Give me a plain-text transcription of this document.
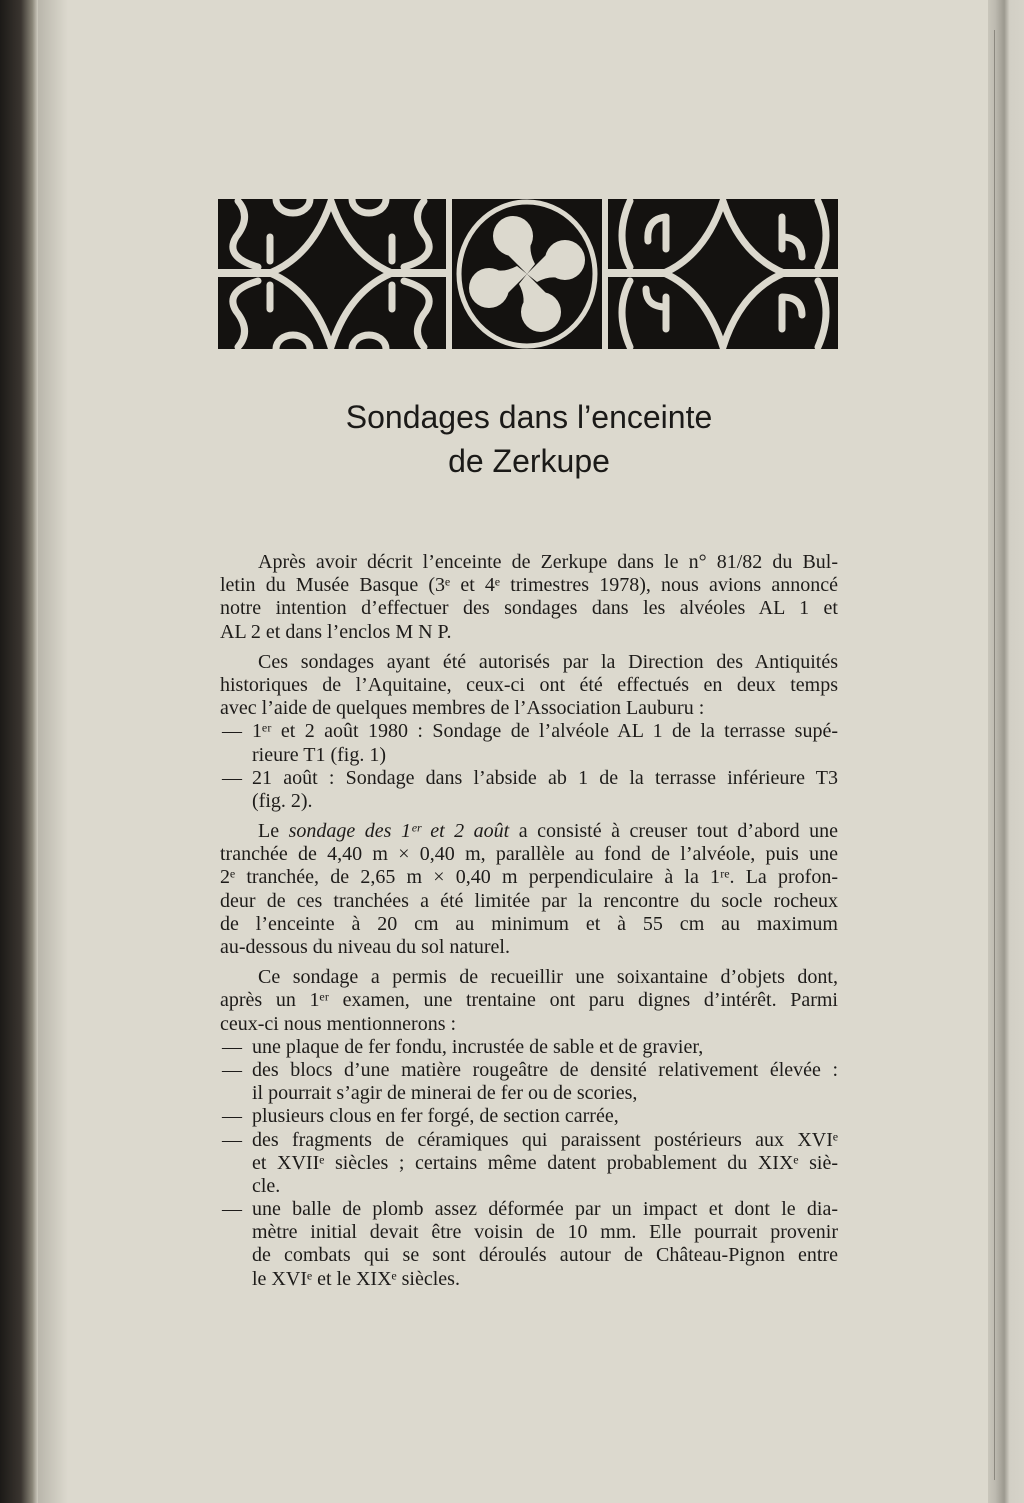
Sondages dans l’enceinte
de Zerkupe
Après avoir décrit l’enceinte de Zerkupe dans le n° 81/82 du Bul-
letin du Musée Basque (3ᵉ et 4ᵉ trimestres 1978), nous avions annoncé
notre intention d’effectuer des sondages dans les alvéoles AL 1 et
AL 2 et dans l’enclos M N P.
Ces sondages ayant été autorisés par la Direction des Antiquités
historiques de l’Aquitaine, ceux-ci ont été effectués en deux temps
avec l’aide de quelques membres de l’Association Lauburu :
— 1ᵉʳ et 2 août 1980 : Sondage de l’alvéole AL 1 de la terrasse supé-
rieure T1 (fig. 1)
— 21 août : Sondage dans l’abside ab 1 de la terrasse inférieure T3
(fig. 2).
Le sondage des 1ᵉʳ et 2 août a consisté à creuser tout d’abord une
tranchée de 4,40 m × 0,40 m, parallèle au fond de l’alvéole, puis une
2ᵉ tranchée, de 2,65 m × 0,40 m perpendiculaire à la 1ʳᵉ. La profon-
deur de ces tranchées a été limitée par la rencontre du socle rocheux
de l’enceinte à 20 cm au minimum et à 55 cm au maximum
au-dessous du niveau du sol naturel.
Ce sondage a permis de recueillir une soixantaine d’objets dont,
après un 1ᵉʳ examen, une trentaine ont paru dignes d’intérêt. Parmi
ceux-ci nous mentionnerons :
— une plaque de fer fondu, incrustée de sable et de gravier,
— des blocs d’une matière rougeâtre de densité relativement élevée :
il pourrait s’agir de minerai de fer ou de scories,
— plusieurs clous en fer forgé, de section carrée,
— des fragments de céramiques qui paraissent postérieurs aux XVIᵉ
et XVIIᵉ siècles ; certains même datent probablement du XIXᵉ siè-
cle.
— une balle de plomb assez déformée par un impact et dont le dia-
mètre initial devait être voisin de 10 mm. Elle pourrait provenir
de combats qui se sont déroulés autour de Château-Pignon entre
le XVIᵉ et le XIXᵉ siècles.
